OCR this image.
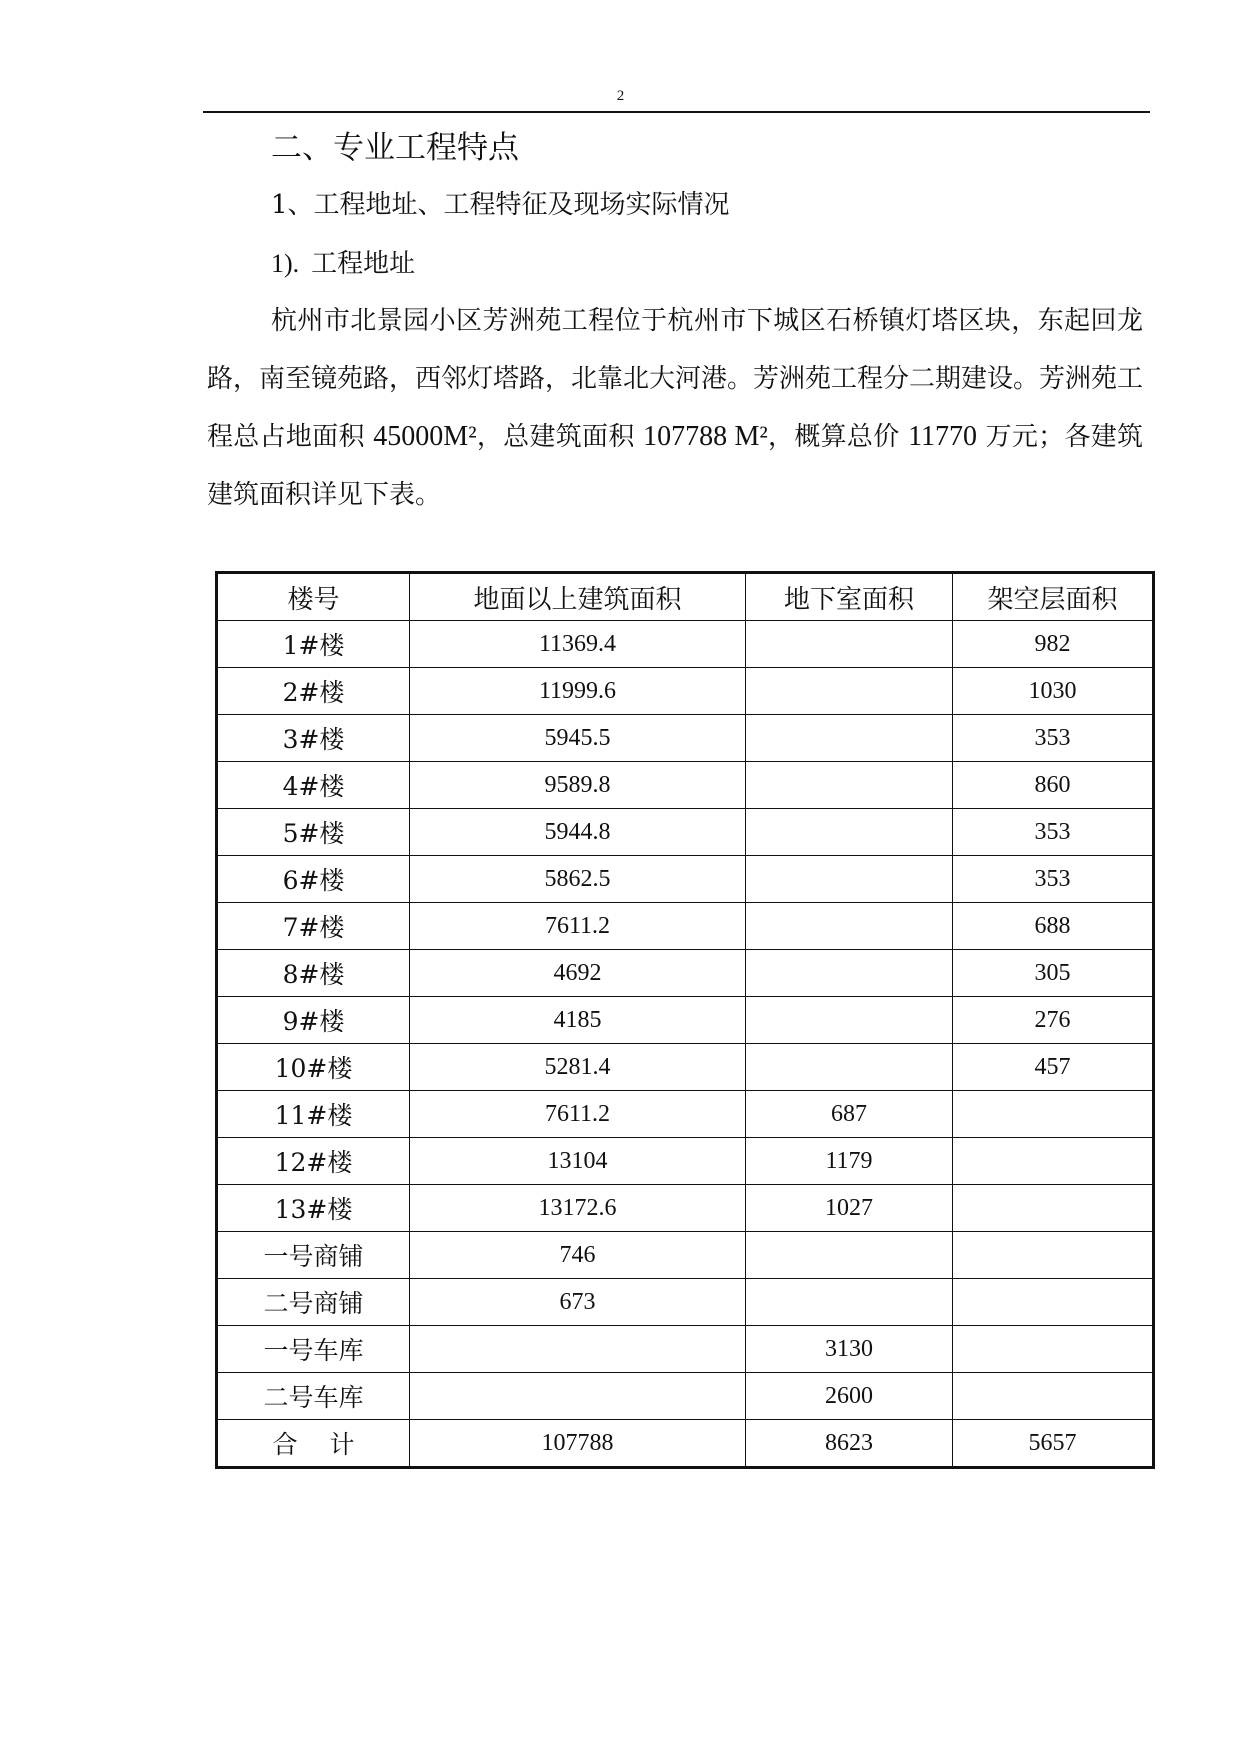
2
二、专业工程特点
1、工程地址、工程特征及现场实际情况
1). 工程地址
杭州市北景园小区芳洲苑工程位于杭州市下城区石桥镇灯塔区块，东起回龙路，南至镜苑路，西邻灯塔路，北靠北大河港。芳洲苑工程分二期建设。芳洲苑工程总占地面积 45000M²，总建筑面积 107788 M²，概算总价 11770 万元；各建筑建筑面积详见下表。
楼号	地面以上建筑面积	地下室面积	架空层面积
1#楼	11369.4		982
2#楼	11999.6		1030
3#楼	5945.5		353
4#楼	9589.8		860
5#楼	5944.8		353
6#楼	5862.5		353
7#楼	7611.2		688
8#楼	4692		305
9#楼	4185		276
10#楼	5281.4		457
11#楼	7611.2	687	
12#楼	13104	1179	
13#楼	13172.6	1027	
一号商铺	746		
二号商铺	673		
一号车库		3130	
二号车库		2600	
合计	107788	8623	5657
